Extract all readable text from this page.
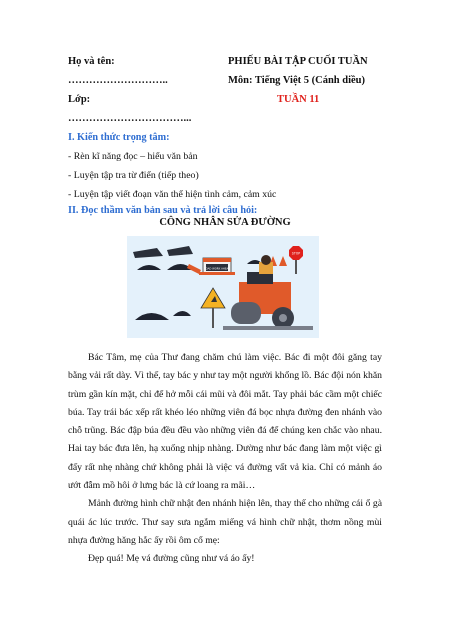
Họ và tên:
………………………..
Lớp:
……………………………...
PHIẾU BÀI TẬP CUỐI TUẦN
Môn: Tiếng Việt 5 (Cánh diều)
TUẦN 11
I. Kiến thức trọng tâm:
- Rèn kĩ năng đọc – hiểu văn bản
- Luyện tập tra từ điển (tiếp theo)
- Luyện tập viết đoạn văn thể hiện tình cảm, cảm xúc
II. Đọc thầm văn bản sau và trả lời câu hỏi:
CÔNG NHÂN SỬA ĐƯỜNG
ROAD WORK AHEAD
STOP

Bác Tâm, mẹ của Thư đang chăm chú làm việc. Bác đi một đôi găng tay bằng vải rất dày. Vì thế, tay bác y như tay một người khổng lồ. Bác đội nón khăn trùm gần kín mặt, chỉ để hở mỗi cái mũi và đôi mắt. Tay phải bác cầm một chiếc búa. Tay trái bác xếp rất khéo léo những viên đá bọc nhựa đường đen nhánh vào chỗ trũng. Bác đập búa đều đều vào những viên đá để chúng ken chắc vào nhau. Hai tay bác đưa lên, hạ xuống nhịp nhàng. Dường như bác đang làm một việc gì đấy rất nhẹ nhàng chứ không phải là việc vá đường vất vả kia. Chỉ có mảnh áo ướt đẫm mồ hôi ở lưng bác là cứ loang ra mãi…

Mảnh đường hình chữ nhật đen nhánh hiện lên, thay thế cho những cái ổ gà quái ác lúc trước. Thư say sưa ngắm miếng vá hình chữ nhật, thơm nồng mùi nhựa đường hăng hắc ấy rồi ôm cổ mẹ:

Đẹp quá! Mẹ vá đường cũng như vá áo ấy!
